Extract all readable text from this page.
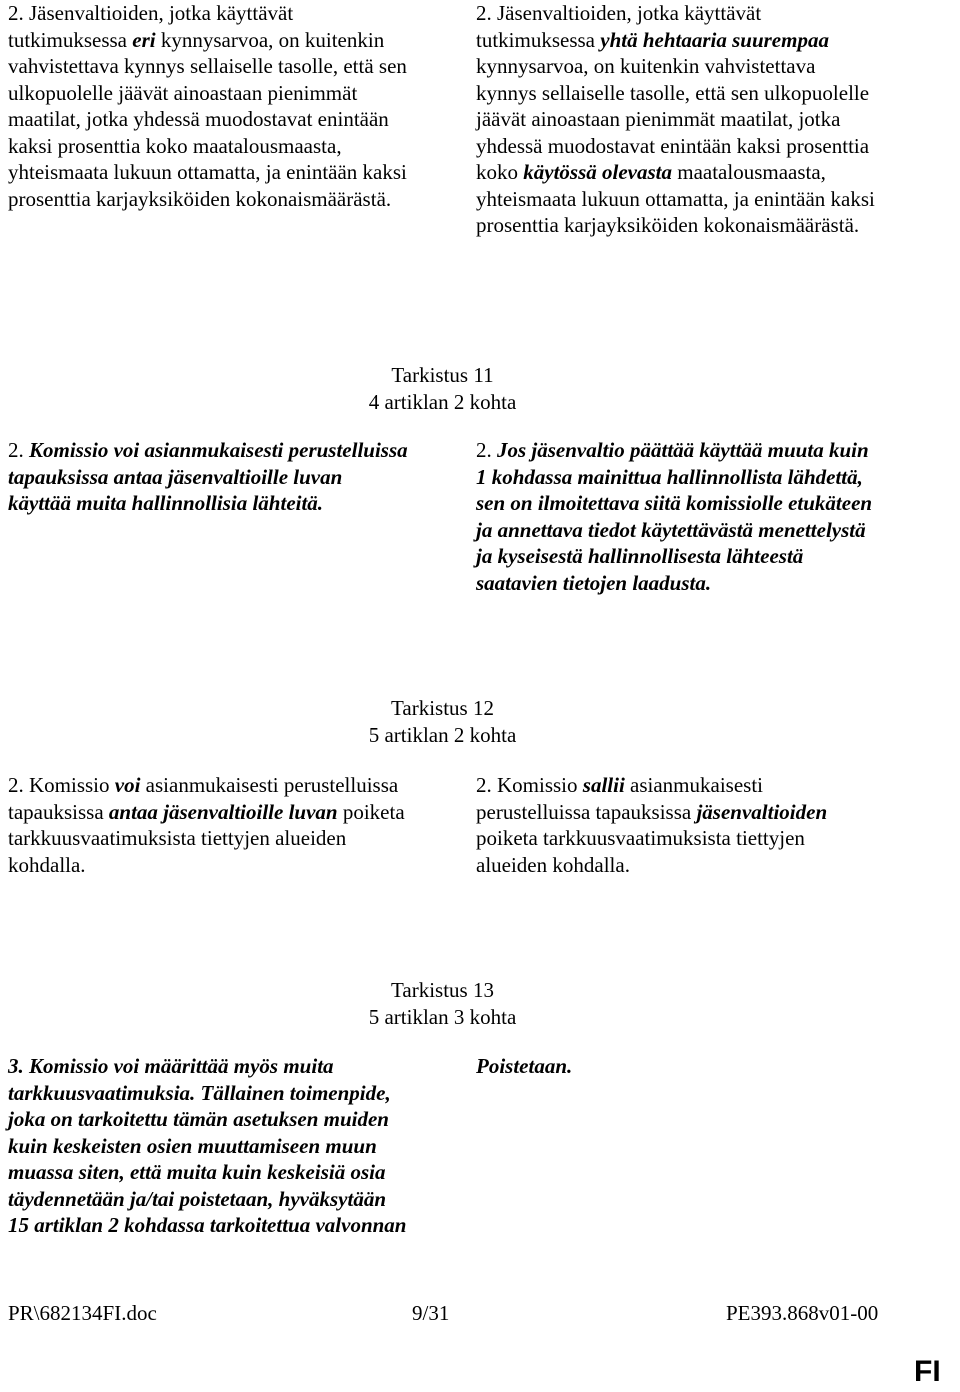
2. Jäsenvaltioiden, jotka käyttävät tutkimuksessa eri kynnysarvoa, on kuitenkin vahvistettava kynnys sellaiselle tasolle, että sen ulkopuolelle jäävät ainoastaan pienimmät maatilat, jotka yhdessä muodostavat enintään kaksi prosenttia koko maatalousmaasta, yhteismaata lukuun ottamatta, ja enintään kaksi prosenttia karjayksiköiden kokonaismäärästä.

2. Jäsenvaltioiden, jotka käyttävät tutkimuksessa yhtä hehtaaria suurempaa kynnysarvoa, on kuitenkin vahvistettava kynnys sellaiselle tasolle, että sen ulkopuolelle jäävät ainoastaan pienimmät maatilat, jotka yhdessä muodostavat enintään kaksi prosenttia koko käytössä olevasta maatalousmaasta, yhteismaata lukuun ottamatta, ja enintään kaksi prosenttia karjayksiköiden kokonaismäärästä.

Tarkistus 11
4 artiklan 2 kohta

2. Komissio voi asianmukaisesti perustelluissa tapauksissa antaa jäsenvaltioille luvan käyttää muita hallinnollisia lähteitä.

2. Jos jäsenvaltio päättää käyttää muuta kuin 1 kohdassa mainittua hallinnollista lähdettä, sen on ilmoitettava siitä komissiolle etukäteen ja annettava tiedot käytettävästä menettelystä ja kyseisestä hallinnollisesta lähteestä saatavien tietojen laadusta.

Tarkistus 12
5 artiklan 2 kohta

2. Komissio voi asianmukaisesti perustelluissa tapauksissa antaa jäsenvaltioille luvan poiketa tarkkuusvaatimuksista tiettyjen alueiden kohdalla.

2. Komissio sallii asianmukaisesti perustelluissa tapauksissa jäsenvaltioiden poiketa tarkkuusvaatimuksista tiettyjen alueiden kohdalla.

Tarkistus 13
5 artiklan 3 kohta

3. Komissio voi määrittää myös muita tarkkuusvaatimuksia. Tällainen toimenpide, joka on tarkoitettu tämän asetuksen muiden kuin keskeisten osien muuttamiseen muun muassa siten, että muita kuin keskeisiä osia täydennetään ja/tai poistetaan, hyväksytään 15 artiklan 2 kohdassa tarkoitettua valvonnan

Poistetaan.

PR\682134FI.doc	9/31	PE393.868v01-00
FI
